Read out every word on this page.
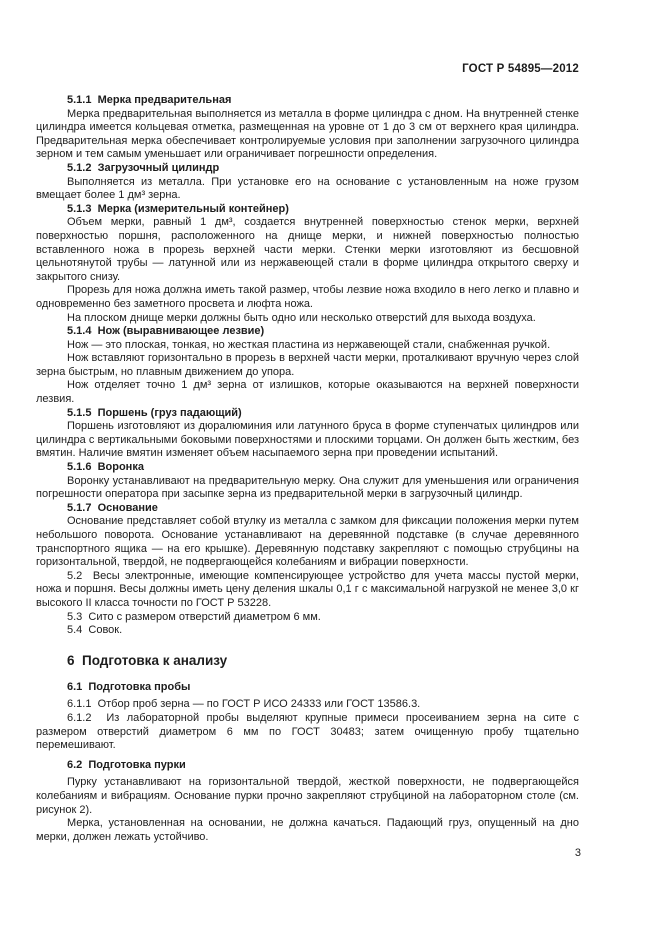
ГОСТ Р 54895—2012

5.1.1  Мерка предварительная

Мерка предварительная выполняется из металла в форме цилиндра с дном. На внутренней стенке цилиндра имеется кольцевая отметка, размещенная на уровне от 1 до 3 см от верхнего края цилиндра. Предварительная мерка обеспечивает контролируемые условия при заполнении загрузочного цилиндра зерном и тем самым уменьшает или ограничивает погрешности определения.

5.1.2  Загрузочный цилиндр

Выполняется из металла. При установке его на основание с установленным на ноже грузом вмещает более 1 дм³ зерна.

5.1.3  Мерка (измерительный контейнер)

Объем мерки, равный 1 дм³, создается внутренней поверхностью стенок мерки, верхней поверхностью поршня, расположенного на днище мерки, и нижней поверхностью полностью вставленного ножа в прорезь верхней части мерки. Стенки мерки изготовляют из бесшовной цельнотянутой трубы — латунной или из нержавеющей стали в форме цилиндра открытого сверху и закрытого снизу.

Прорезь для ножа должна иметь такой размер, чтобы лезвие ножа входило в него легко и плавно и одновременно без заметного просвета и люфта ножа.

На плоском днище мерки должны быть одно или несколько отверстий для выхода воздуха.

5.1.4  Нож (выравнивающее лезвие)

Нож — это плоская, тонкая, но жесткая пластина из нержавеющей стали, снабженная ручкой.

Нож вставляют горизонтально в прорезь в верхней части мерки, проталкивают вручную через слой зерна быстрым, но плавным движением до упора.

Нож отделяет точно 1 дм³ зерна от излишков, которые оказываются на верхней поверхности лезвия.

5.1.5  Поршень (груз падающий)

Поршень изготовляют из дюралюминия или латунного бруса в форме ступенчатых цилиндров или цилиндра с вертикальными боковыми поверхностями и плоскими торцами. Он должен быть жестким, без вмятин. Наличие вмятин изменяет объем насыпаемого зерна при проведении испытаний.

5.1.6  Воронка

Воронку устанавливают на предварительную мерку. Она служит для уменьшения или ограничения погрешности оператора при засыпке зерна из предварительной мерки в загрузочный цилиндр.

5.1.7  Основание

Основание представляет собой втулку из металла с замком для фиксации положения мерки путем небольшого поворота. Основание устанавливают на деревянной подставке (в случае деревянного транспортного ящика — на его крышке). Деревянную подставку закрепляют с помощью струбцины на горизонтальной, твердой, не подвергающейся колебаниям и вибрации поверхности.

5.2  Весы электронные, имеющие компенсирующее устройство для учета массы пустой мерки, ножа и поршня. Весы должны иметь цену деления шкалы 0,1 г с максимальной нагрузкой не менее 3,0 кг высокого II класса точности по ГОСТ Р 53228.

5.3  Сито с размером отверстий диаметром 6 мм.

5.4  Совок.

6  Подготовка к анализу

6.1  Подготовка пробы

6.1.1  Отбор проб зерна — по ГОСТ Р ИСО 24333 или ГОСТ 13586.3.

6.1.2  Из лабораторной пробы выделяют крупные примеси просеиванием зерна на сите с размером отверстий диаметром 6 мм по ГОСТ 30483; затем очищенную пробу тщательно перемешивают.

6.2  Подготовка пурки

Пурку устанавливают на горизонтальной твердой, жесткой поверхности, не подвергающейся колебаниям и вибрациям. Основание пурки прочно закрепляют струбциной на лабораторном столе (см. рисунок 2).

Мерка, установленная на основании, не должна качаться. Падающий груз, опущенный на дно мерки, должен лежать устойчиво.

3
